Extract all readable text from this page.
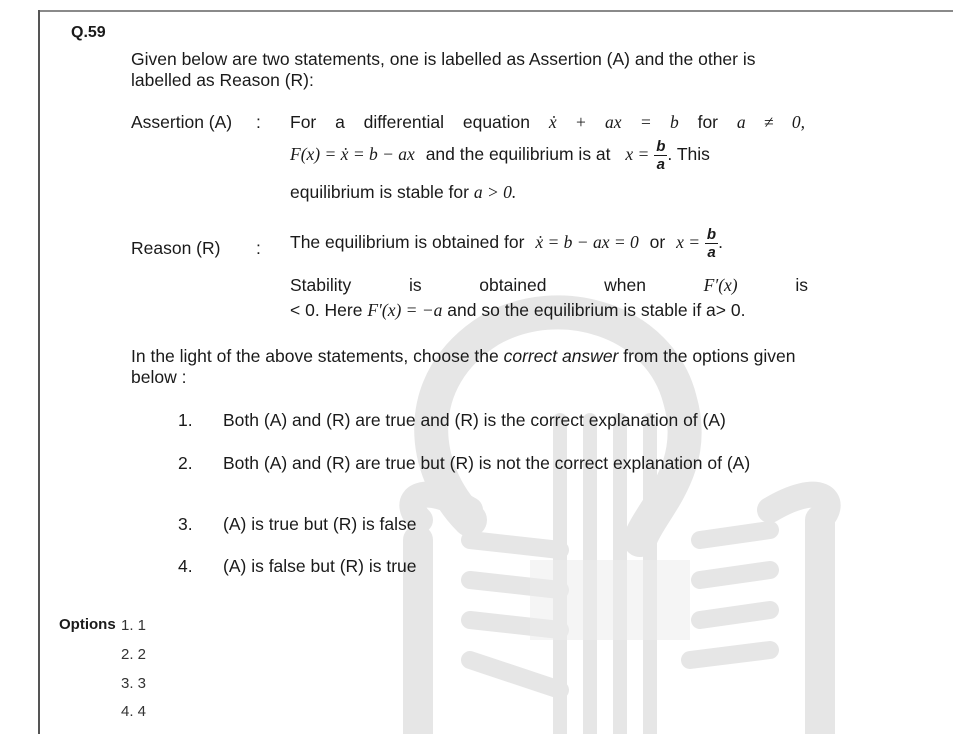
Q.59
Given below are two statements, one is labelled as Assertion (A) and the other is labelled as Reason (R):
Assertion (A) : For a differential equation ẋ + ax = b for a ≠ 0,
F(x) = ẋ = b − ax and the equilibrium is at $x = \frac{b}{a}$ . This
equilibrium is stable for a > 0.
Reason (R) : The equilibrium is obtained for ẋ = b − ax = 0 or $x = \frac{b}{a}$ .
Stability	is	obtained	when	F′(x)	is
< 0. Here F′(x) = −a and so the equilibrium is stable if a> 0.
In the light of the above statements, choose the correct answer from the options given below :
1. Both (A) and (R) are true and (R) is the correct explanation of (A)
2. Both (A) and (R) are true but (R) is not the correct explanation of (A)
3. (A) is true but (R) is false
4. (A) is false but (R) is true
Options 1. 1
2. 2
3. 3
4. 4
